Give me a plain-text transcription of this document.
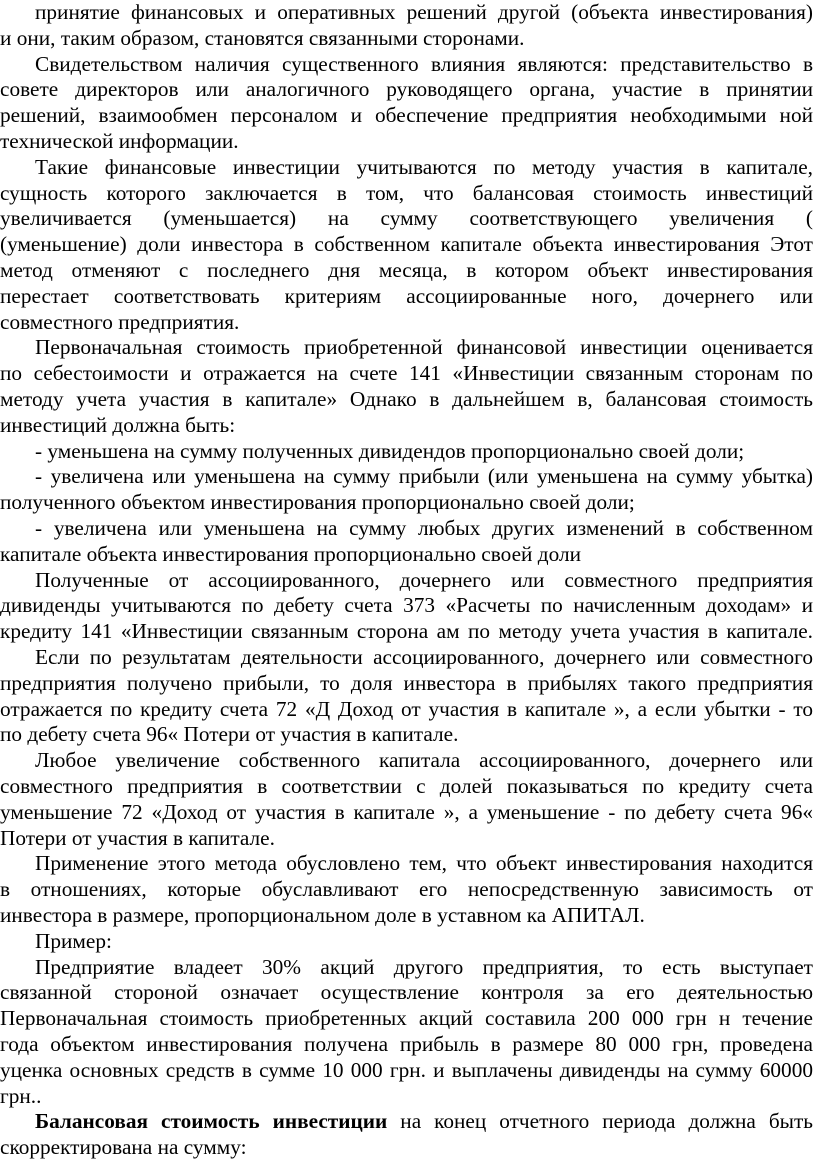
принятие финансовых и оперативных решений другой (объекта инвестирования)
и они, таким образом, становятся связанными сторонами.
Свидетельством наличия существенного влияния являются: представительство в
совете директоров или аналогичного руководящего органа, участие в принятии
решений, взаимообмен персоналом и обеспечение предприятия необходимыми ной
технической информации.
Такие финансовые инвестиции учитываются по методу участия в капитале,
сущность которого заключается в том, что балансовая стоимость инвестиций
увеличивается (уменьшается) на сумму соответствующего увеличения (
(уменьшение) доли инвестора в собственном капитале объекта инвестирования Этот
метод отменяют с последнего дня месяца, в котором объект инвестирования
перестает соответствовать критериям ассоциированные ного, дочернего или
совместного предприятия.
Первоначальная стоимость приобретенной финансовой инвестиции оценивается
по себестоимости и отражается на счете 141 «Инвестиции связанным сторонам по
методу учета участия в капитале» Однако в дальнейшем в, балансовая стоимость
инвестиций должна быть:
- уменьшена на сумму полученных дивидендов пропорционально своей доли;
- увеличена или уменьшена на сумму прибыли (или уменьшена на сумму убытка)
полученного объектом инвестирования пропорционально своей доли;
- увеличена или уменьшена на сумму любых других изменений в собственном
капитале объекта инвестирования пропорционально своей доли
Полученные от ассоциированного, дочернего или совместного предприятия
дивиденды учитываются по дебету счета 373 «Расчеты по начисленным доходам» и
кредиту 141 «Инвестиции связанным сторона ам по методу учета участия в капитале.
Если по результатам деятельности ассоциированного, дочернего или совместного
предприятия получено прибыли, то доля инвестора в прибылях такого предприятия
отражается по кредиту счета 72 «Д Доход от участия в капитале », а если убытки - то
по дебету счета 96« Потери от участия в капитале.
Любое увеличение собственного капитала ассоциированного, дочернего или
совместного предприятия в соответствии с долей показываться по кредиту счета
уменьшение 72 «Доход от участия в капитале », а уменьшение - по дебету счета 96«
Потери от участия в капитале.
Применение этого метода обусловлено тем, что объект инвестирования находится
в отношениях, которые обуславливают его непосредственную зависимость от
инвестора в размере, пропорциональном доле в уставном ка АПИТАЛ.
Пример:
Предприятие владеет 30% акций другого предприятия, то есть выступает
связанной стороной означает осуществление контроля за его деятельностью
Первоначальная стоимость приобретенных акций составила 200 000 грн н течение
года объектом инвестирования получена прибыль в размере 80 000 грн, проведена
уценка основных средств в сумме 10 000 грн. и выплачены дивиденды на сумму 60000
грн..
Балансовая стоимость инвестиции на конец отчетного периода должна быть
скорректирована на сумму:
